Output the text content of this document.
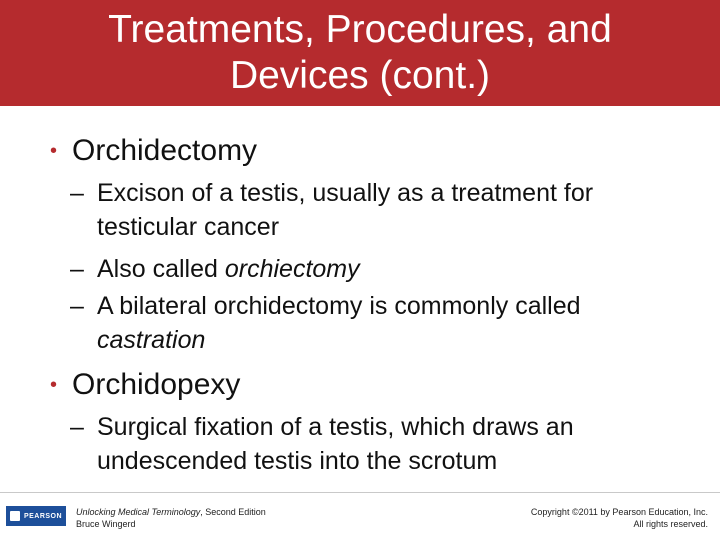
Treatments, Procedures, and
Devices (cont.)
• Orchidectomy
– Excison of a testis, usually as a treatment for testicular cancer
– Also called orchiectomy
– A bilateral orchidectomy is commonly called castration
• Orchidopexy
– Surgical fixation of a testis, which draws an undescended testis into the scrotum
PEARSON Unlocking Medical Terminology, Second Edition
Bruce Wingerd
Copyright ©2011 by Pearson Education, Inc.
All rights reserved.
